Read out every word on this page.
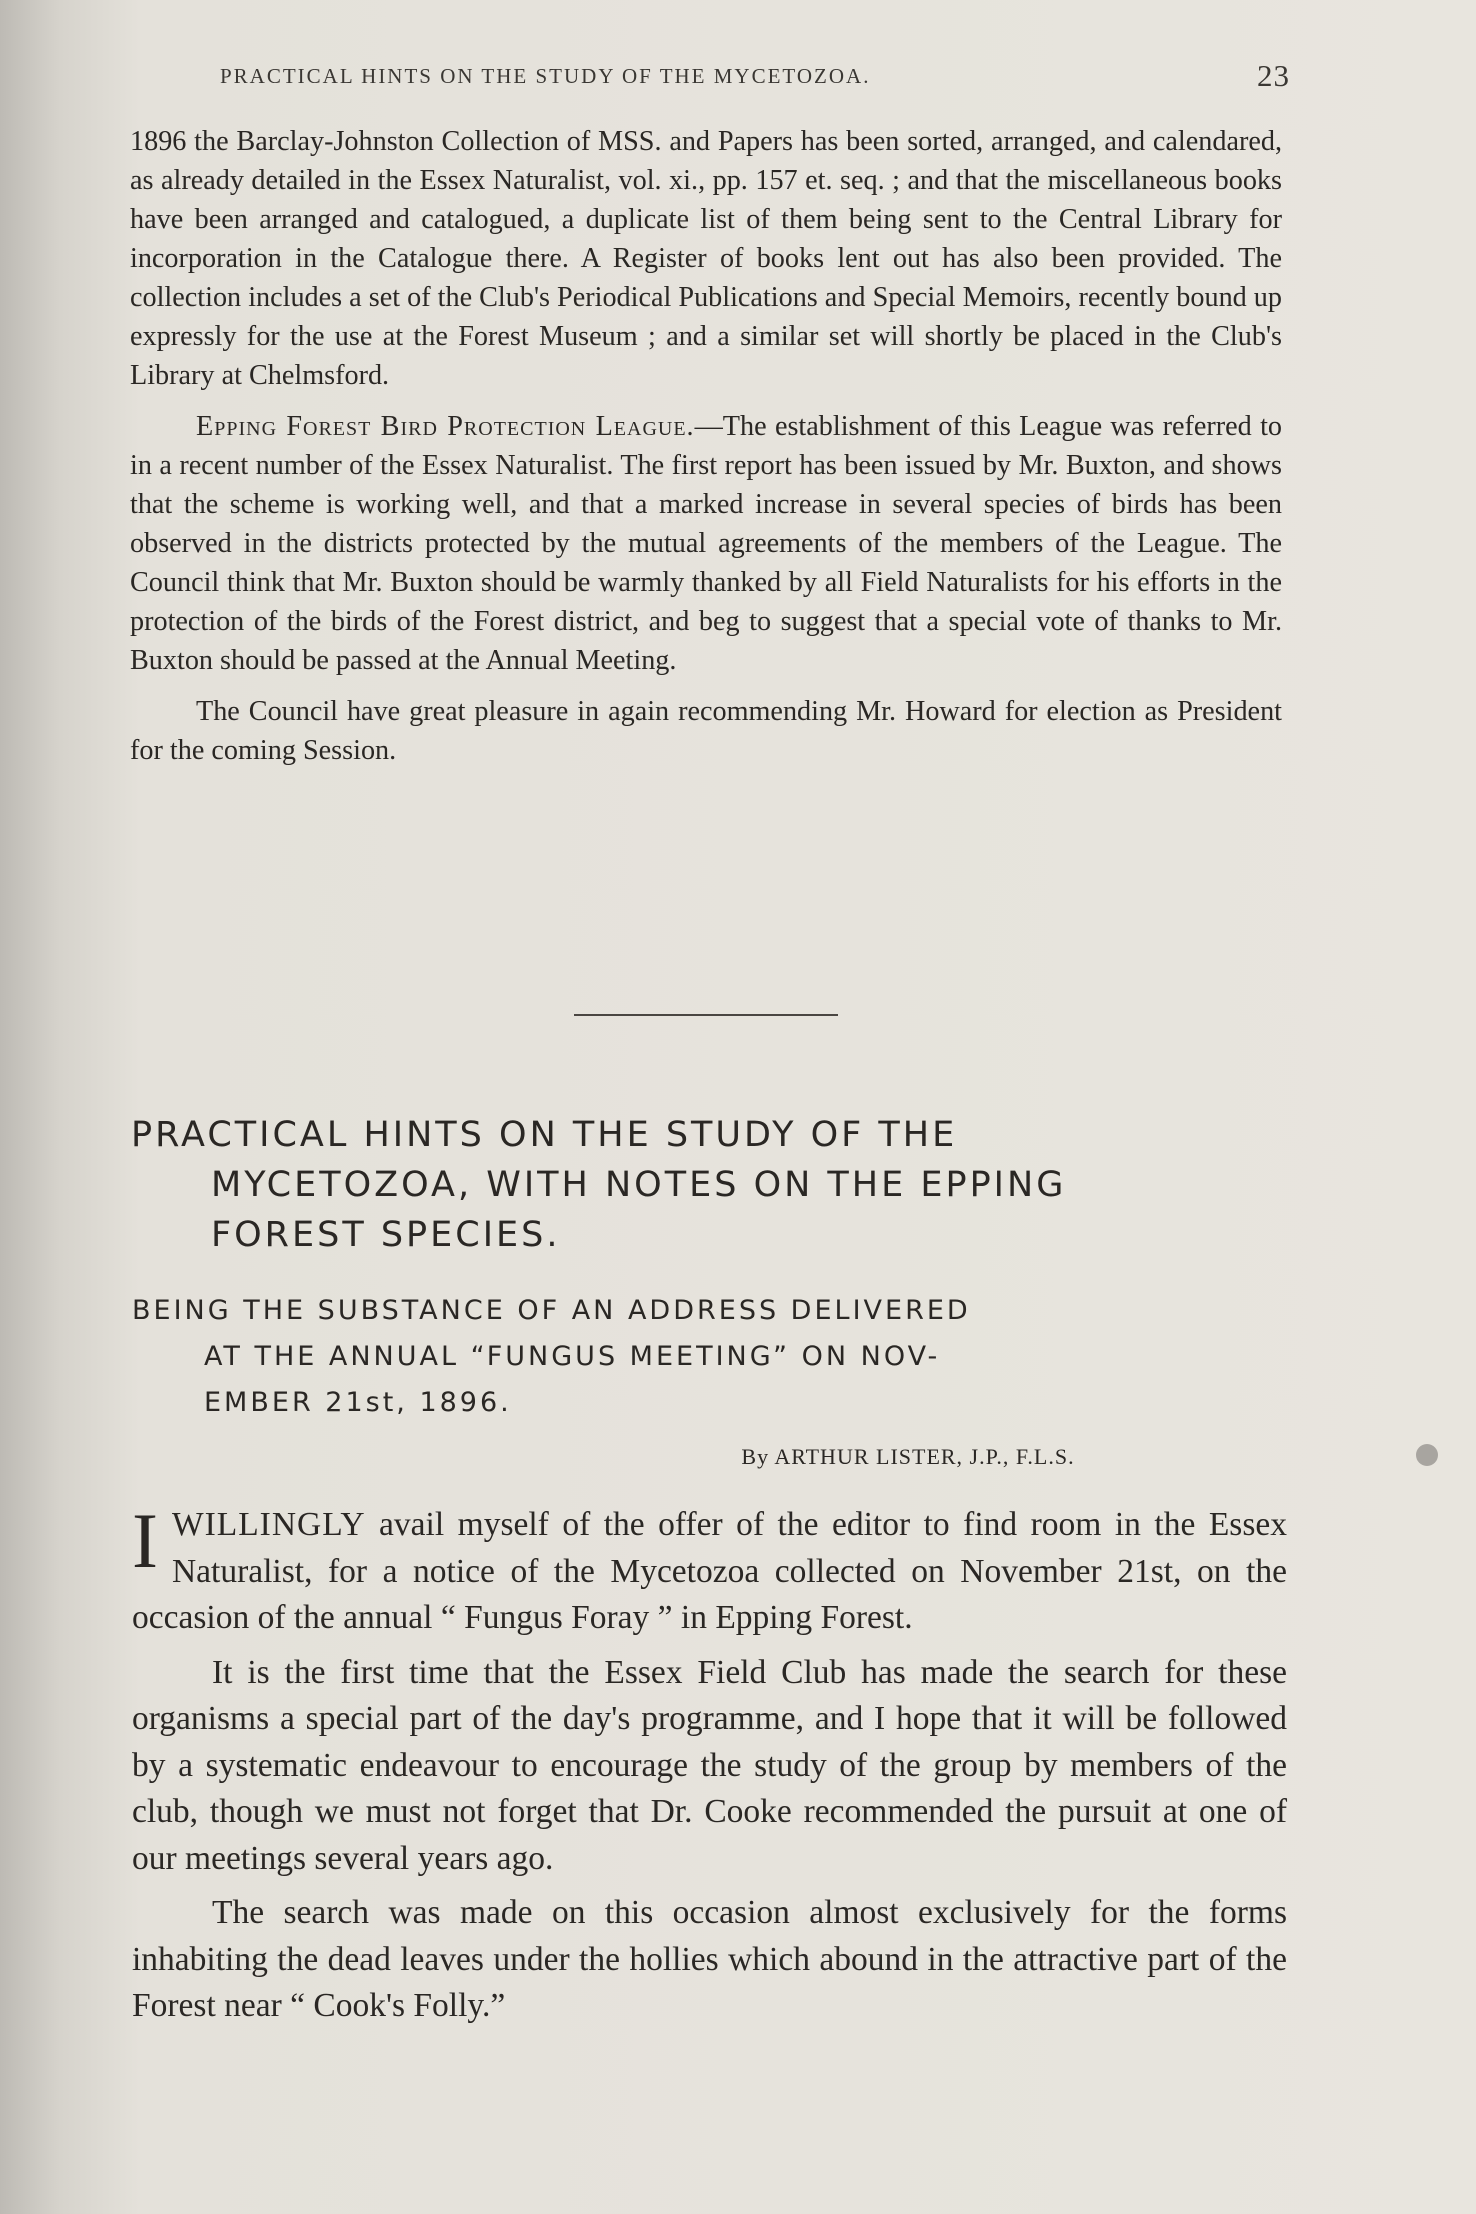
PRACTICAL HINTS ON THE STUDY OF THE MYCETOZOA.	23

1896 the Barclay-Johnston Collection of MSS. and Papers has been sorted, arranged, and calendared, as already detailed in the Essex Naturalist, vol. xi., pp. 157 et. seq. ; and that the miscellaneous books have been arranged and catalogued, a duplicate list of them being sent to the Central Library for incorporation in the Catalogue there. A Register of books lent out has also been provided. The collection includes a set of the Club's Periodical Publications and Special Memoirs, recently bound up expressly for the use at the Forest Museum ; and a similar set will shortly be placed in the Club's Library at Chelmsford.

Epping Forest Bird Protection League.—The establishment of this League was referred to in a recent number of the Essex Naturalist. The first report has been issued by Mr. Buxton, and shows that the scheme is working well, and that a marked increase in several species of birds has been observed in the districts protected by the mutual agreements of the members of the League. The Council think that Mr. Buxton should be warmly thanked by all Field Naturalists for his efforts in the protection of the birds of the Forest district, and beg to suggest that a special vote of thanks to Mr. Buxton should be passed at the Annual Meeting.

The Council have great pleasure in again recommending Mr. Howard for election as President for the coming Session.

PRACTICAL HINTS ON THE STUDY OF THE
MYCETOZOA, WITH NOTES ON THE EPPING
FOREST SPECIES.
BEING THE SUBSTANCE OF AN ADDRESS DELIVERED
AT THE ANNUAL “FUNGUS MEETING” ON NOV-
EMBER 21st, 1896.
By ARTHUR LISTER, J.P., F.L.S.

IWILLINGLY avail myself of the offer of the editor to find room in the Essex Naturalist, for a notice of the Mycetozoa collected on November 21st, on the occasion of the annual “ Fungus Foray ” in Epping Forest.

It is the first time that the Essex Field Club has made the search for these organisms a special part of the day's programme, and I hope that it will be followed by a systematic endeavour to encourage the study of the group by members of the club, though we must not forget that Dr. Cooke recommended the pursuit at one of our meetings several years ago.

The search was made on this occasion almost exclusively for the forms inhabiting the dead leaves under the hollies which abound in the attractive part of the Forest near “ Cook's Folly.”
